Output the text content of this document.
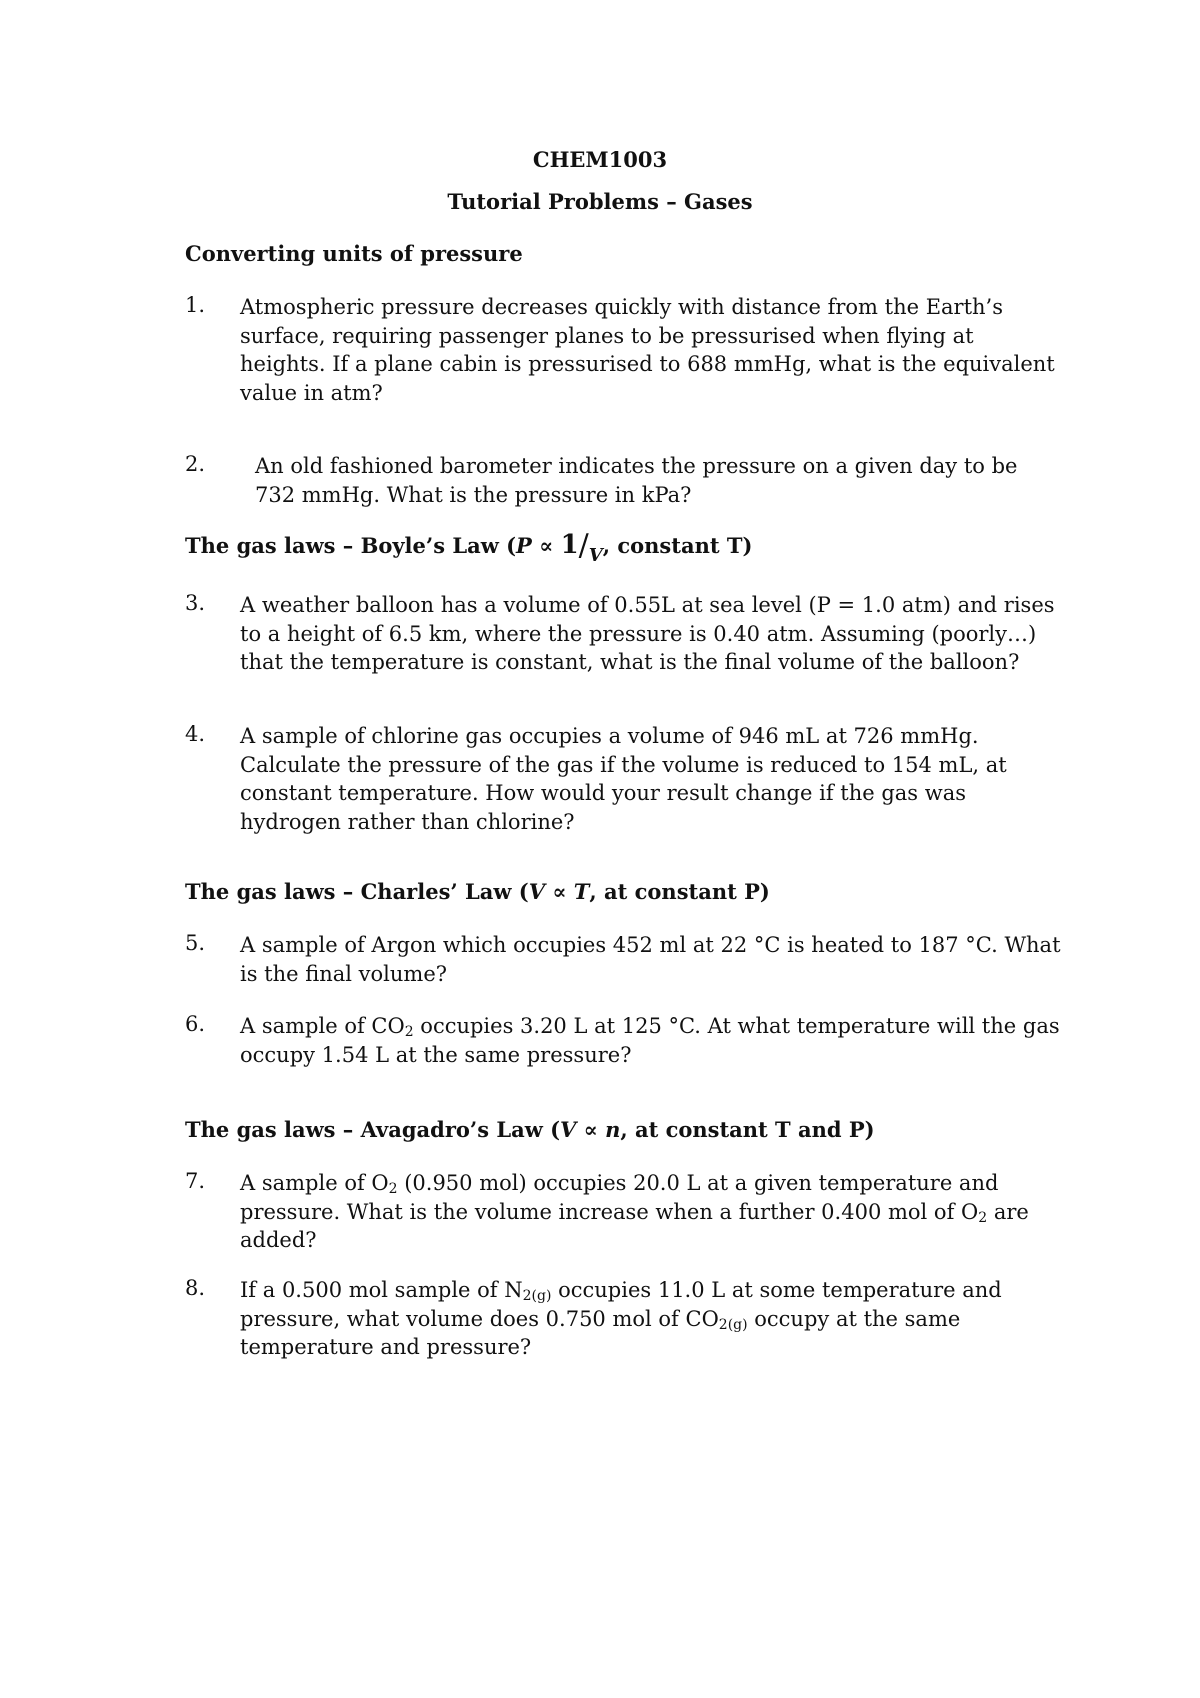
CHEM1003
Tutorial Problems – Gases
Converting units of pressure
1. Atmospheric pressure decreases quickly with distance from the Earth’s
surface, requiring passenger planes to be pressurised when flying at
heights. If a plane cabin is pressurised to 688 mmHg, what is the equivalent
value in atm?
2. An old fashioned barometer indicates the pressure on a given day to be
732 mmHg. What is the pressure in kPa?
The gas laws – Boyle’s Law (P ∝ 1/V, constant T)
3. A weather balloon has a volume of 0.55L at sea level (P = 1.0 atm) and rises
to a height of 6.5 km, where the pressure is 0.40 atm. Assuming (poorly…)
that the temperature is constant, what is the final volume of the balloon?
4. A sample of chlorine gas occupies a volume of 946 mL at 726 mmHg.
Calculate the pressure of the gas if the volume is reduced to 154 mL, at
constant temperature. How would your result change if the gas was
hydrogen rather than chlorine?
The gas laws – Charles’ Law (V ∝ T, at constant P)
5. A sample of Argon which occupies 452 ml at 22 °C is heated to 187 °C. What
is the final volume?
6. A sample of $CO_2$ occupies 3.20 L at 125 °C. At what temperature will the gas
occupy 1.54 L at the same pressure?
The gas laws – Avagadro’s Law (V ∝ n, at constant T and P)
7. A sample of $O_2$ (0.950 mol) occupies 20.0 L at a given temperature and
pressure. What is the volume increase when a further 0.400 mol of $O_2$ are
added?
8. If a 0.500 mol sample of $N_{2(g)}$ occupies 11.0 L at some temperature and
pressure, what volume does 0.750 mol of $CO_{2(g)}$ occupy at the same
temperature and pressure?
